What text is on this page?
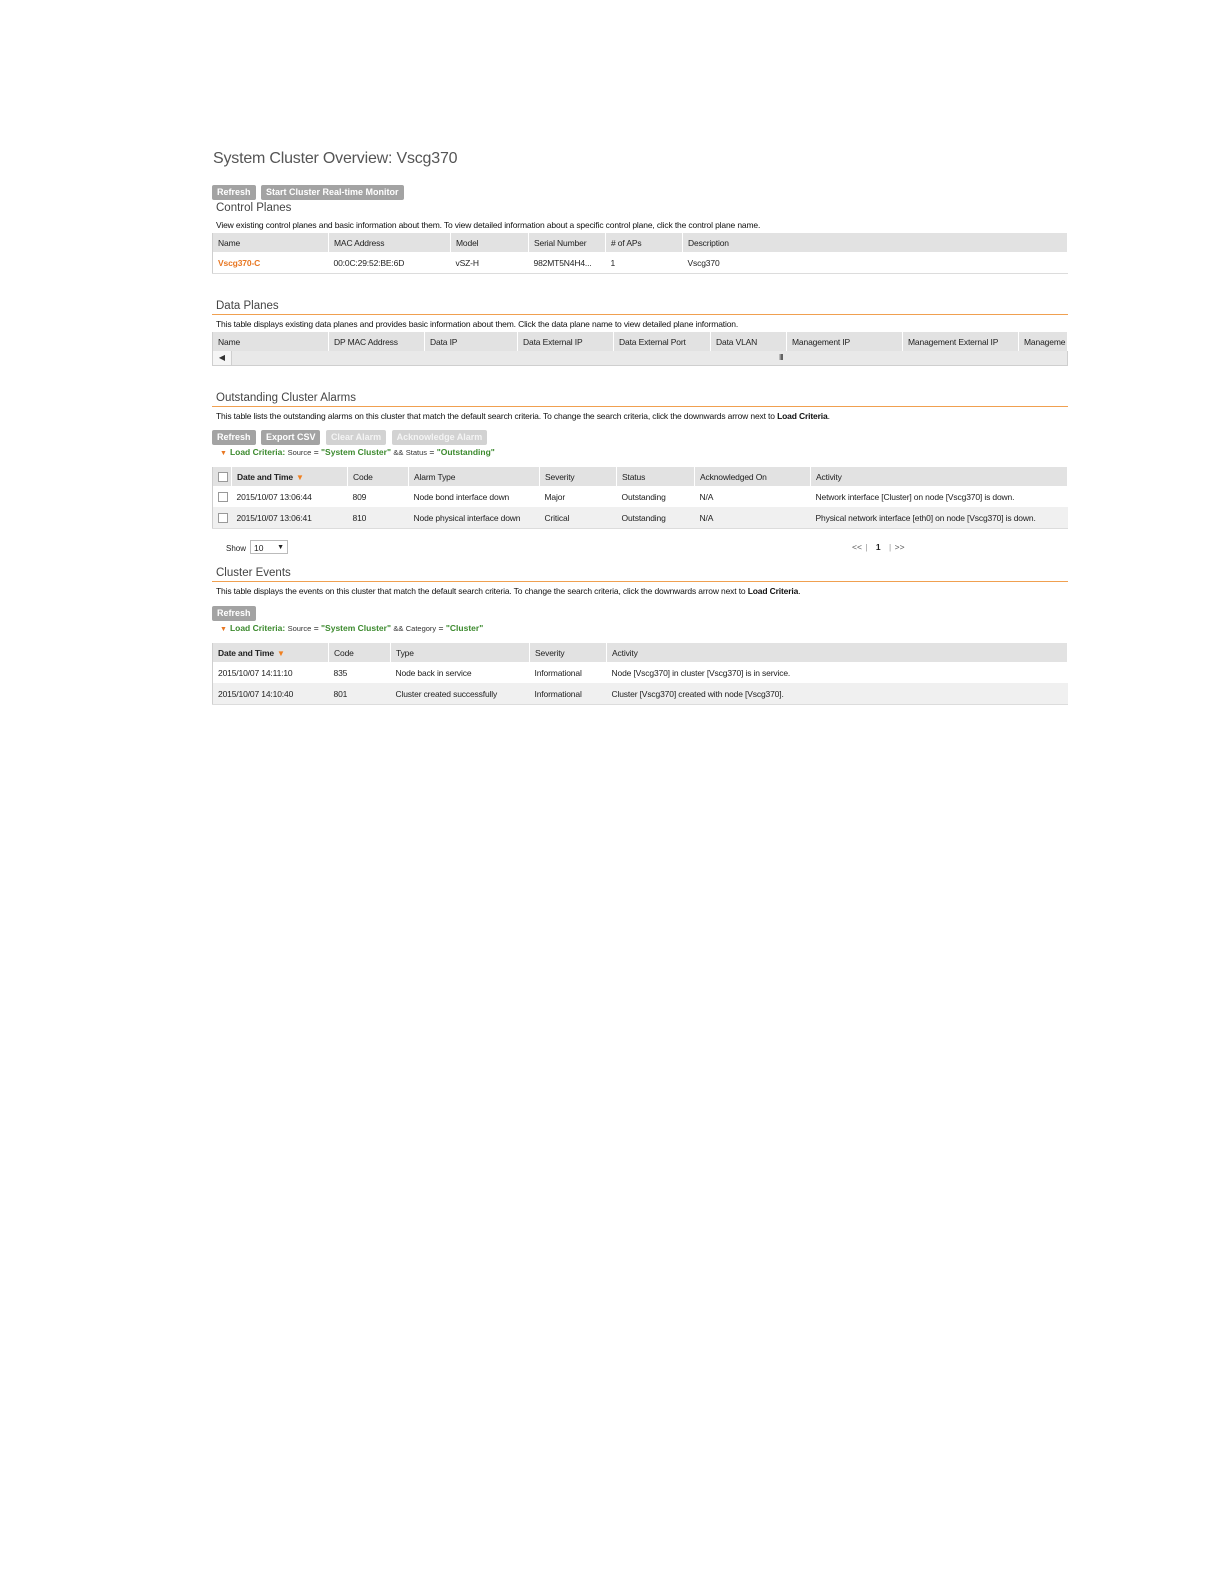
System Cluster Overview: Vscg370
Refresh Start Cluster Real-time Monitor
Control Planes
View existing control planes and basic information about them. To view detailed information about a specific control plane, click the control plane name.
Name	MAC Address	Model	Serial Number	# of APs	Description
Vscg370-C	00:0C:29:52:BE:6D	vSZ-H	982MT5N4H4...	1	Vscg370
Data Planes
This table displays existing data planes and provides basic information about them. Click the data plane name to view detailed plane information.
Name	DP MAC Address	Data IP	Data External IP	Data External Port	Data VLAN	Management IP	Management External IP	Manageme
◀	III
Outstanding Cluster Alarms
This table lists the outstanding alarms on this cluster that match the default search criteria. To change the search criteria, click the downwards arrow next to Load Criteria.
Refresh Export CSV Clear Alarm Acknowledge Alarm
▼ Load Criteria: Source = "System Cluster" && Status = "Outstanding"
	Date and Time ▼	Code	Alarm Type	Severity	Status	Acknowledged On	Activity
	2015/10/07 13:06:44	809	Node bond interface down	Major	Outstanding	N/A	Network interface [Cluster] on node [Vscg370] is down.
	2015/10/07 13:06:41	810	Node physical interface down	Critical	Outstanding	N/A	Physical network interface [eth0] on node [Vscg370] is down.
Show 10 ▼	<< | 1 | >>
Cluster Events
This table displays the events on this cluster that match the default search criteria. To change the search criteria, click the downwards arrow next to Load Criteria.
Refresh
▼ Load Criteria: Source = "System Cluster" && Category = "Cluster"
Date and Time ▼	Code	Type	Severity	Activity
2015/10/07 14:11:10	835	Node back in service	Informational	Node [Vscg370] in cluster [Vscg370] is in service.
2015/10/07 14:10:40	801	Cluster created successfully	Informational	Cluster [Vscg370] created with node [Vscg370].
